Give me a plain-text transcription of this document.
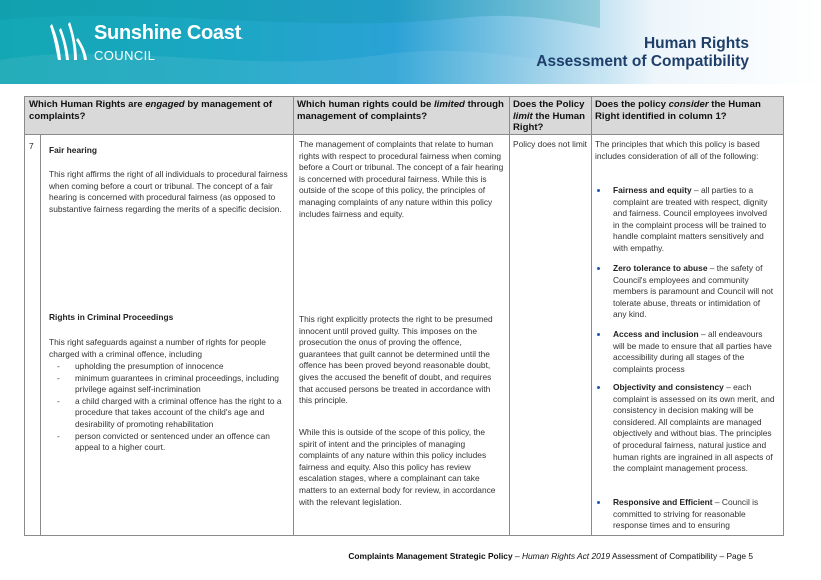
Sunshine Coast.
COUNCIL
Human Rights
Assessment of Compatibility
Which Human Rights are engaged by management of complaints?
Which human rights could be limited through management of complaints?
Does the Policy limit the Human Right?
Does the policy consider the Human Right identified in column 1?
7 Fair hearing
This right affirms the right of all individuals to procedural fairness when coming before a court or tribunal. The concept of a fair hearing is concerned with procedural fairness (as opposed to substantive fairness regarding the merits of a specific decision.
Rights in Criminal Proceedings
This right safeguards against a number of rights for people charged with a criminal offence, including
- upholding the presumption of innocence
- minimum guarantees in criminal proceedings, including privilege against self-incrimination
- a child charged with a criminal offence has the right to a procedure that takes account of the child's age and desirability of promoting rehabilitation
- person convicted or sentenced under an offence can appeal to a higher court.
The management of complaints that relate to human rights with respect to procedural fairness when coming before a Court or tribunal. The concept of a fair hearing is concerned with procedural fairness. While this is outside of the scope of this policy, the principles of managing complaints of any nature within this policy includes fairness and equity.
This right explicitly protects the right to be presumed innocent until proved guilty. This imposes on the prosecution the onus of proving the offence, guarantees that guilt cannot be determined until the offence has been proved beyond reasonable doubt, gives the accused the benefit of doubt, and requires that accused persons be treated in accordance with this principle.
While this is outside of the scope of this policy, the spirit of intent and the principles of managing complaints of any nature within this policy includes fairness and equity. Also this policy has review escalation stages, where a complainant can take matters to an external body for review, in accordance with the relevant legislation.
Policy does not limit The principles that which this policy is based includes consideration of all of the following:
Fairness and equity – all parties to a complaint are treated with respect, dignity and fairness. Council employees involved in the complaint process will be trained to handle complaint matters sensitively and with empathy.
Zero tolerance to abuse – the safety of Council's employees and community members is paramount and Council will not tolerate abuse, threats or intimidation of any kind.
Access and inclusion – all endeavours will be made to ensure that all parties have accessibility during all stages of the complaints process
Objectivity and consistency – each complaint is assessed on its own merit, and consistency in decision making will be considered. All complaints are managed objectively and without bias. The principles of procedural fairness, natural justice and human rights are ingrained in all aspects of the complaint management process.
Responsive and Efficient – Council is committed to striving for reasonable response times and to ensuring
Complaints Management Strategic Policy – Human Rights Act 2019 Assessment of Compatibility – Page 5
